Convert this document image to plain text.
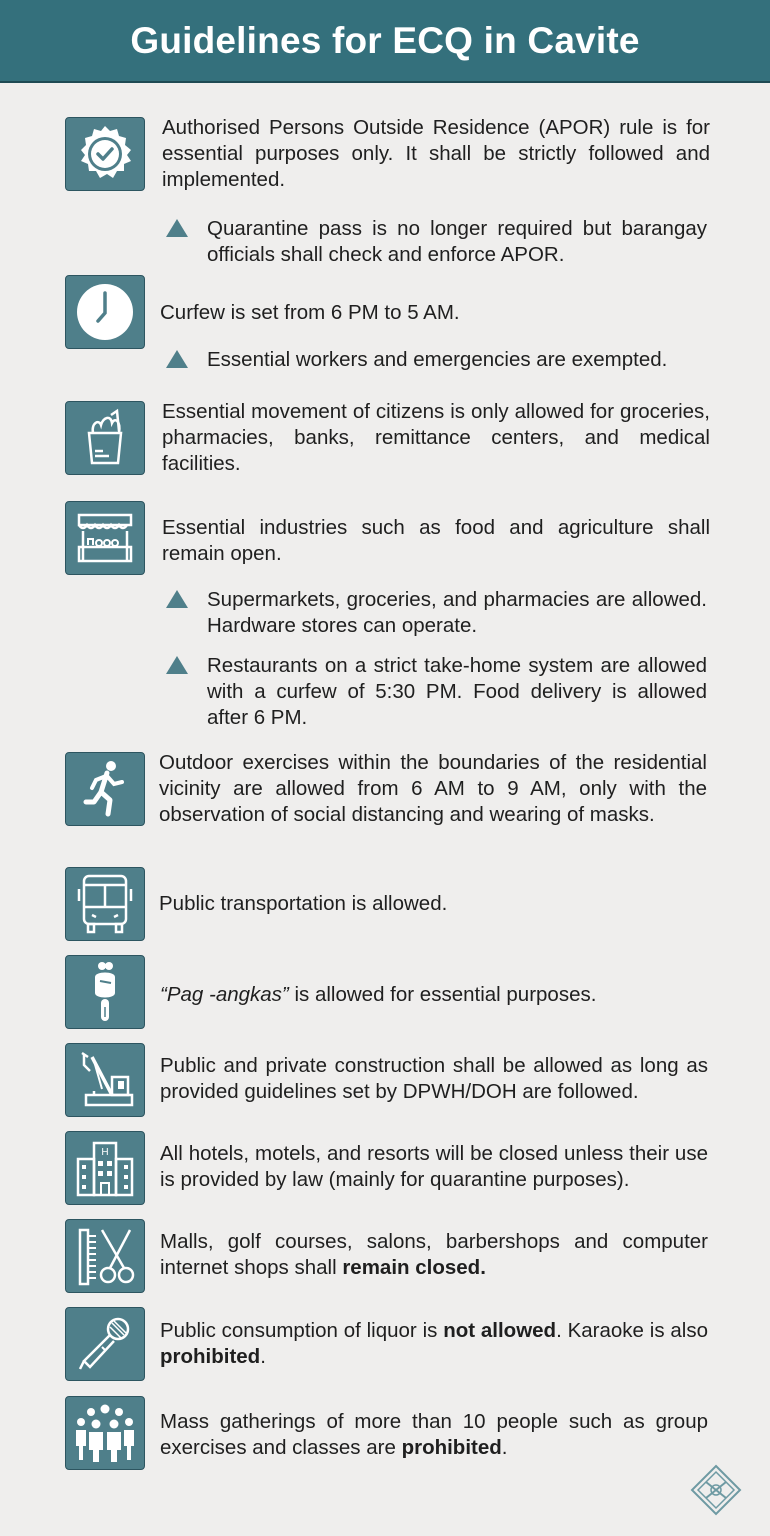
Guidelines for ECQ in Cavite
Authorised Persons Outside Residence (APOR) rule is for essential purposes only. It shall be strictly followed and implemented.
Quarantine pass is no longer required but barangay officials shall check and enforce APOR.
Curfew is set from 6 PM to 5 AM.
Essential workers and emergencies are exempted.
Essential movement of citizens is only allowed for groceries, pharmacies, banks, remittance centers, and medical facilities.
Essential industries such as food and agriculture shall remain open.
Supermarkets, groceries, and pharmacies are allowed. Hardware stores can operate.
Restaurants on a strict take-home system are allowed with a curfew of 5:30 PM. Food delivery is allowed after 6 PM.
Outdoor exercises within the boundaries of the residential vicinity are allowed from 6 AM to 9 AM, only with the observation of social distancing and wearing of masks.
Public transportation is allowed.
“Pag -angkas” is allowed for essential purposes.
Public and private construction shall be allowed as long as provided guidelines set by DPWH/DOH are followed.
H	All hotels, motels, and resorts will be closed unless their use is provided by law (mainly for quarantine purposes).
Malls, golf courses, salons, barbershops and computer internet shops shall remain closed.
Public consumption of liquor is not allowed. Karaoke is also prohibited.
Mass gatherings of more than 10 people such as group exercises and classes are prohibited.
